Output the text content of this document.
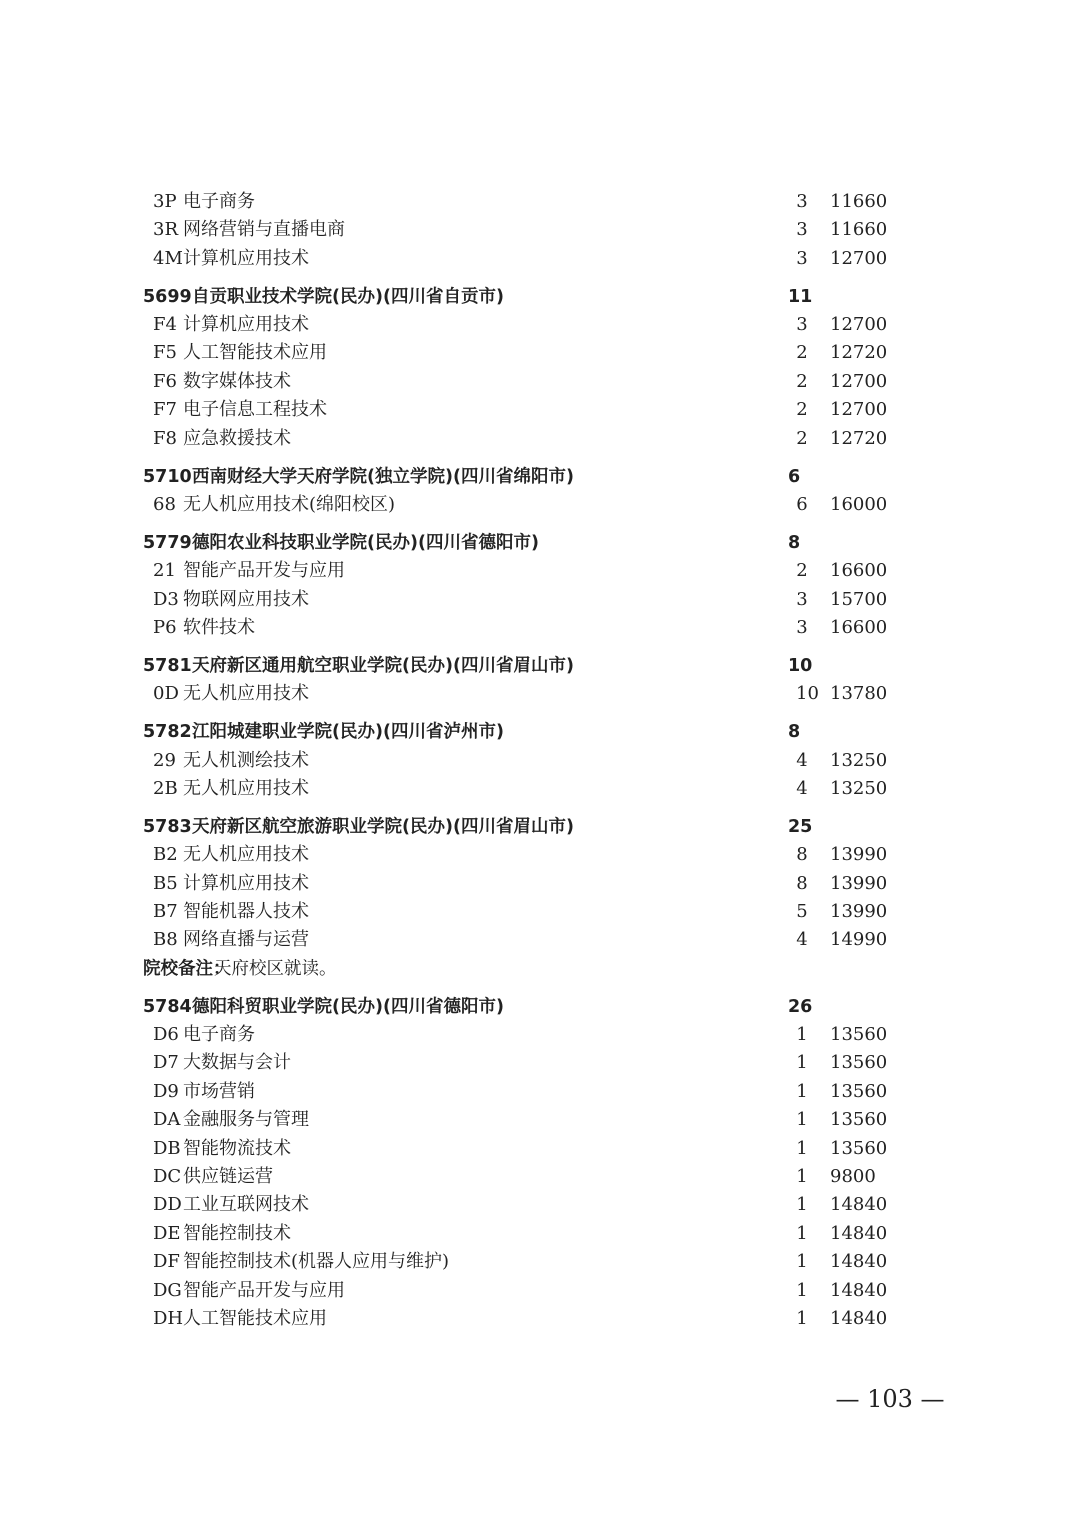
3P 电子商务	3 11660
3R 网络营销与直播电商	3 11660
4M 计算机应用技术	3 12700
5699 自贡职业技术学院(民办)(四川省自贡市)	11
F4 计算机应用技术	3 12700
F5 人工智能技术应用	2 12720
F6 数字媒体技术	2 12700
F7 电子信息工程技术	2 12700
F8 应急救援技术	2 12720
5710 西南财经大学天府学院(独立学院)(四川省绵阳市)	6
68 无人机应用技术(绵阳校区)	6 16000
5779 德阳农业科技职业学院(民办)(四川省德阳市)	8
21 智能产品开发与应用	2 16600
D3 物联网应用技术	3 15700
P6 软件技术	3 16600
5781 天府新区通用航空职业学院(民办)(四川省眉山市)	10
0D 无人机应用技术	10 13780
5782 江阳城建职业学院(民办)(四川省泸州市)	8
29 无人机测绘技术	4 13250
2B 无人机应用技术	4 13250
5783 天府新区航空旅游职业学院(民办)(四川省眉山市)	25
B2 无人机应用技术	8 13990
B5 计算机应用技术	8 13990
B7 智能机器人技术	5 13990
B8 网络直播与运营	4 14990
院校备注：
天府校区就读。
5784 德阳科贸职业学院(民办)(四川省德阳市)	26
D6 电子商务	1 13560
D7 大数据与会计	1 13560
D9 市场营销	1 13560
DA 金融服务与管理	1 13560
DB 智能物流技术	1 13560
DC 供应链运营	1 9800
DD 工业互联网技术	1 14840
DE 智能控制技术	1 14840
DF 智能控制技术(机器人应用与维护)	1 14840
DG 智能产品开发与应用	1 14840
DH 人工智能技术应用	1 14840
— 103 —
